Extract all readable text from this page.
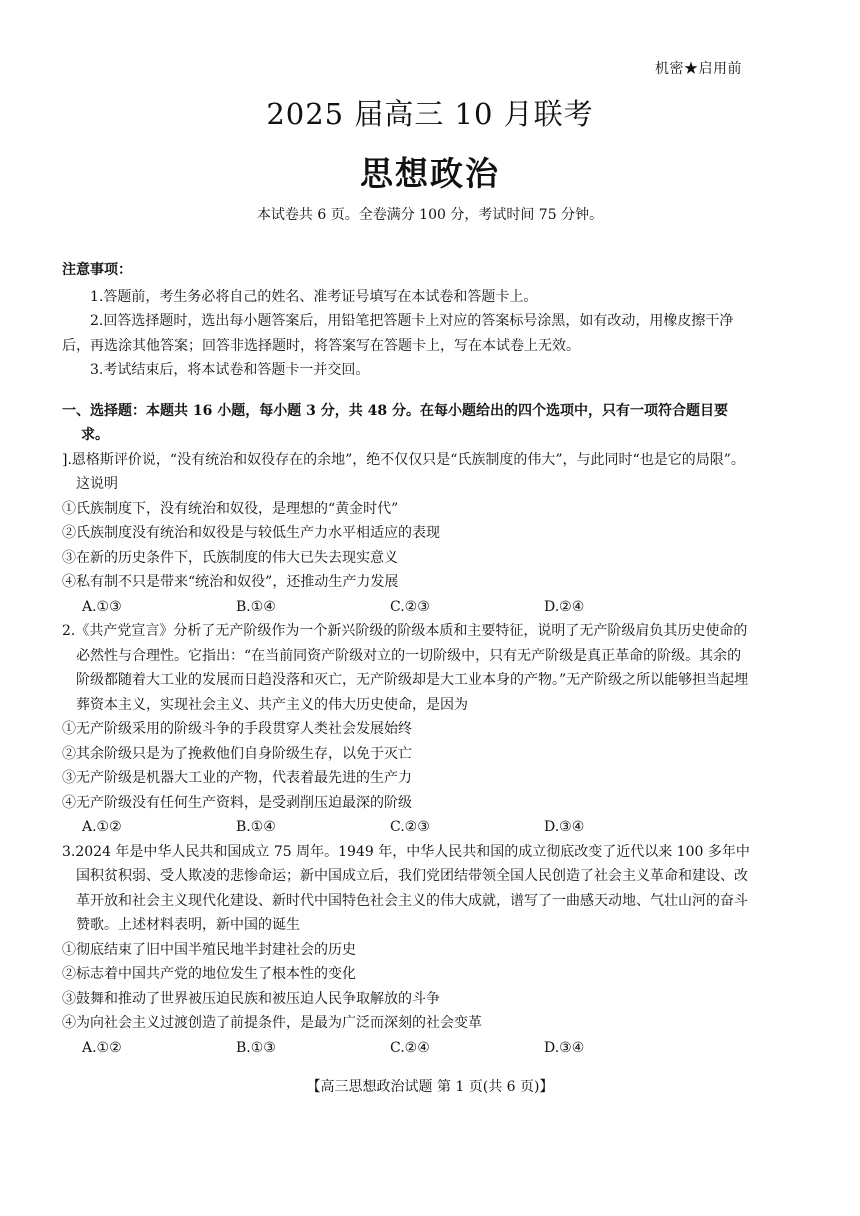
机密★启用前
2025 届高三 10 月联考
思想政治
本试卷共 6 页。全卷满分 100 分，考试时间 75 分钟。
注意事项：
1.答题前，考生务必将自己的姓名、准考证号填写在本试卷和答题卡上。
2.回答选择题时，选出每小题答案后，用铅笔把答题卡上对应的答案标号涂黑，如有改动，用橡皮擦干净后，再选涂其他答案；回答非选择题时，将答案写在答题卡上，写在本试卷上无效。
3.考试结束后，将本试卷和答题卡一并交回。
一、选择题：本题共 16 小题，每小题 3 分，共 48 分。在每小题给出的四个选项中，只有一项符合题目要求。
].恩格斯评价说，“没有统治和奴役存在的余地”，绝不仅仅只是“氏族制度的伟大”，与此同时“也是它的局限”。这说明
①氏族制度下，没有统治和奴役，是理想的“黄金时代”
②氏族制度没有统治和奴役是与较低生产力水平相适应的表现
③在新的历史条件下，氏族制度的伟大已失去现实意义
④私有制不只是带来“统治和奴役”，还推动生产力发展
A.①③	B.①④	C.②③	D.②④
2.《共产党宣言》分析了无产阶级作为一个新兴阶级的阶级本质和主要特征，说明了无产阶级肩负其历史使命的必然性与合理性。它指出：“在当前同资产阶级对立的一切阶级中，只有无产阶级是真正革命的阶级。其余的阶级都随着大工业的发展而日趋没落和灭亡，无产阶级却是大工业本身的产物。”无产阶级之所以能够担当起埋葬资本主义，实现社会主义、共产主义的伟大历史使命，是因为
①无产阶级采用的阶级斗争的手段贯穿人类社会发展始终
②其余阶级只是为了挽救他们自身阶级生存，以免于灭亡
③无产阶级是机器大工业的产物，代表着最先进的生产力
④无产阶级没有任何生产资料，是受剥削压迫最深的阶级
A.①②	B.①④	C.②③	D.③④
3.2024 年是中华人民共和国成立 75 周年。1949 年，中华人民共和国的成立彻底改变了近代以来 100 多年中国积贫积弱、受人欺凌的悲惨命运；新中国成立后，我们党团结带领全国人民创造了社会主义革命和建设、改革开放和社会主义现代化建设、新时代中国特色社会主义的伟大成就，谱写了一曲感天动地、气壮山河的奋斗赞歌。上述材料表明，新中国的诞生
①彻底结束了旧中国半殖民地半封建社会的历史
②标志着中国共产党的地位发生了根本性的变化
③鼓舞和推动了世界被压迫民族和被压迫人民争取解放的斗争
④为向社会主义过渡创造了前提条件，是最为广泛而深刻的社会变革
A.①②	B.①③	C.②④	D.③④
【高三思想政治试题 第 1 页(共 6 页)】
